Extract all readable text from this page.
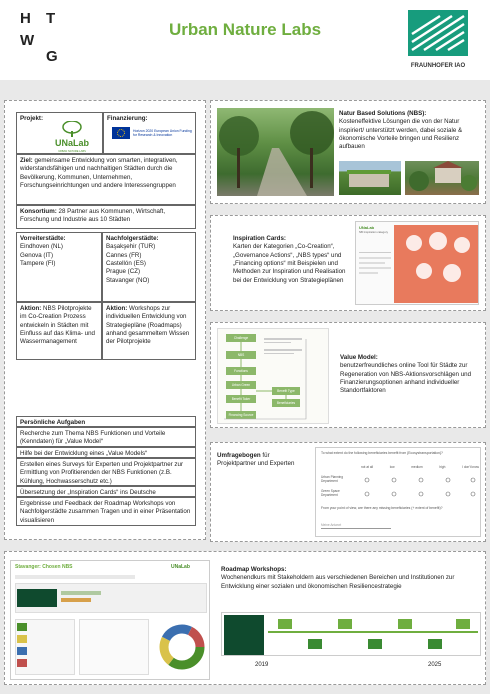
H T
W
G
Urban Nature Labs
FRAUNHOFER IAO
Projekt:
UNaLab
URBAN NATURE LABS
Finanzierung:
Horizon 2020 European Union Funding for Research & Innovation
Ziel: gemeinsame Entwicklung von smarten, integrativen, widerstandsfähigen und nachhaltigen Städten durch die Bevölkerung, Kommunen, Unternehmen, Forschungseinrichtungen und andere Interessengruppen
Konsortium: 28 Partner aus Kommunen, Wirtschaft, Forschung und Industrie aus 10 Städten
Vorreiterstädte:
Eindhoven (NL)
Genova (IT)
Tampere (FI)
Nachfolgerstädte:
Başakşehir (TUR)
Cannes (FR)
Castellón (ES)
Prague (CZ)
Stavanger (NO)
Aktion: NBS Pilotprojekte im Co-Creation Prozess entwickeln in Städten mit Einfluss auf das Klima- und Wassermanagement
Aktion: Workshops zur individuellen Entwicklung von Strategiepläne (Roadmaps) anhand gesammeltem Wissen der Pilotprojekte
Persönliche Aufgaben
Recherche zum Thema NBS Funktionen und Vorteile (Kenndaten) für „Value Model“
Hilfe bei der Entwicklung eines „Value Models“
Erstellen eines Surveys für Experten und Projektpartner zur Ermittlung von Profitierenden der NBS Funktionen (z.B. Kühlung, Hochwasserschutz etc.)
Übersetzung der „Inspiration Cards“ ins Deutsche
Ergebnisse und Feedback der Roadmap Workshops von Nachfolgerstädte zusammen Tragen und in einer Präsentation visualisieren
Natur Based Solutions (NBS):
Kosteneffektive Lösungen die von der Natur inspiriert/ unterstützt werden, dabei soziale & ökonomische Vorteile bringen und Resilienz aufbauen
Inspiration Cards:
Karten der Kategorien „Co-Creation“, „Governance Actions“, „NBS types“ und „Financing options“ mit Beispielen und Methoden zur Inspiration und Realisation bei der Entwicklung von Strategieplänen
UNaLab
NB Inspiration category
Challenge
NBS
Functions
Urban Green
Benefit Type
Benefit Taker
Beneficiaries
Financing Source
Value Model:
benutzerfreundliches online Tool für Städte zur Regeneration von NBS-Aktionsvorschlägen und Finanzierungsoptionen anhand individueller Standortfaktoren
Umfragebogen für Projektpartner und Experten
To what extent do the following beneficiaries benefit from {Ecosystransportation}?
not at all	low	medium	high	I don't know
Urban Planning Department
Green Space Department
From your point of view, are there any missing beneficiaries (+ extent of benefit)?
Meine Antwort
Stavanger: Chosen NBS	UNaLab	Roadmap Workshops:
Wochenendkurs mit Stakeholdern aus verschiedenen Bereichen und Institutionen zur Entwicklung einer sozialen und ökonomischen Resiliencestrategie
2019	2025
